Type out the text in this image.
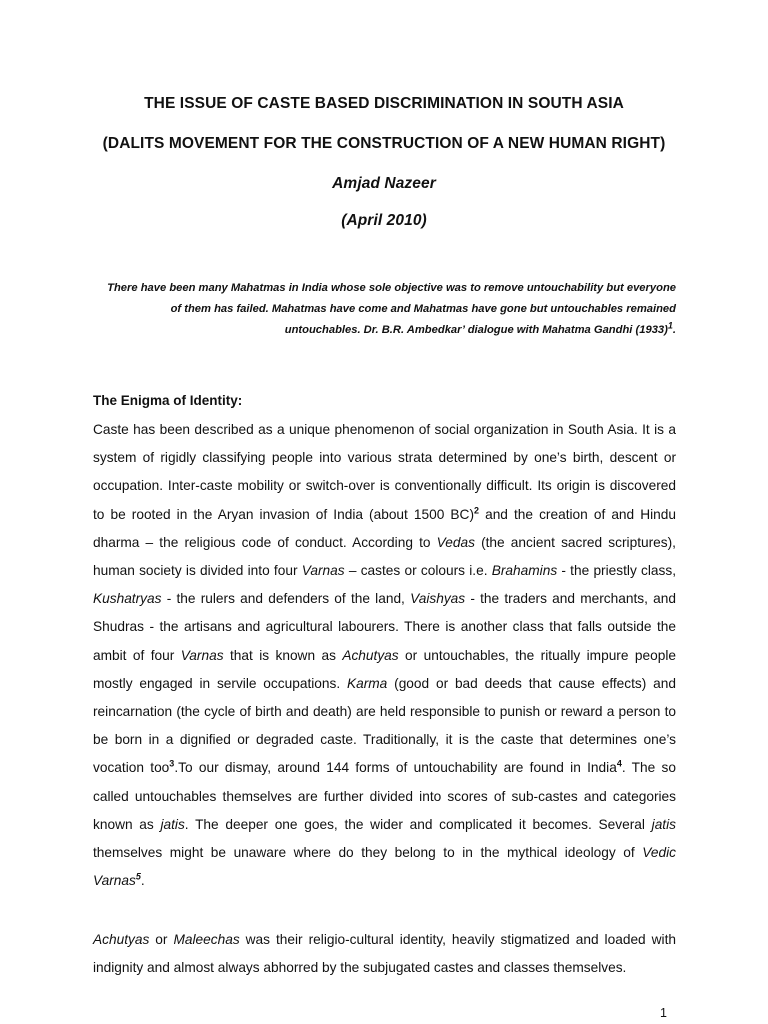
THE ISSUE OF CASTE BASED DISCRIMINATION IN SOUTH ASIA
(DALITS MOVEMENT FOR THE CONSTRUCTION OF A NEW HUMAN RIGHT)
Amjad Nazeer
(April 2010)
There have been many Mahatmas in India whose sole objective was to remove untouchability but everyone
of them has failed. Mahatmas have come and Mahatmas have gone but untouchables remained
untouchables. Dr. B.R. Ambedkar’ dialogue with Mahatma Gandhi $(1933)^1$.
The Enigma of Identity:
Caste has been described as a unique phenomenon of social organization in South Asia. It is a system of rigidly classifying people into various strata determined by one’s birth, descent or occupation. Inter-caste mobility or switch-over is conventionally difficult. Its origin is discovered to be rooted in the Aryan invasion of India (about 1500 BC)$^2$ and the creation of and Hindu dharma – the religious code of conduct. According to Vedas (the ancient sacred scriptures), human society is divided into four Varnas – castes or colours i.e. Brahamins - the priestly class, Kushatryas - the rulers and defenders of the land, Vaishyas - the traders and merchants, and Shudras - the artisans and agricultural labourers. There is another class that falls outside the ambit of four Varnas that is known as Achutyas or untouchables, the ritually impure people mostly engaged in servile occupations. Karma (good or bad deeds that cause effects) and reincarnation (the cycle of birth and death) are held responsible to punish or reward a person to be born in a dignified or degraded caste. Traditionally, it is the caste that determines one’s vocation too$^3$.To our dismay, around 144 forms of untouchability are found in India$^4$. The so called untouchables themselves are further divided into scores of sub-castes and categories known as jatis. The deeper one goes, the wider and complicated it becomes. Several jatis themselves might be unaware where do they belong to in the mythical ideology of Vedic Varnas$^5$.
Achutyas or Maleechas was their religio-cultural identity, heavily stigmatized and loaded with indignity and almost always abhorred by the subjugated castes and classes themselves.
1
